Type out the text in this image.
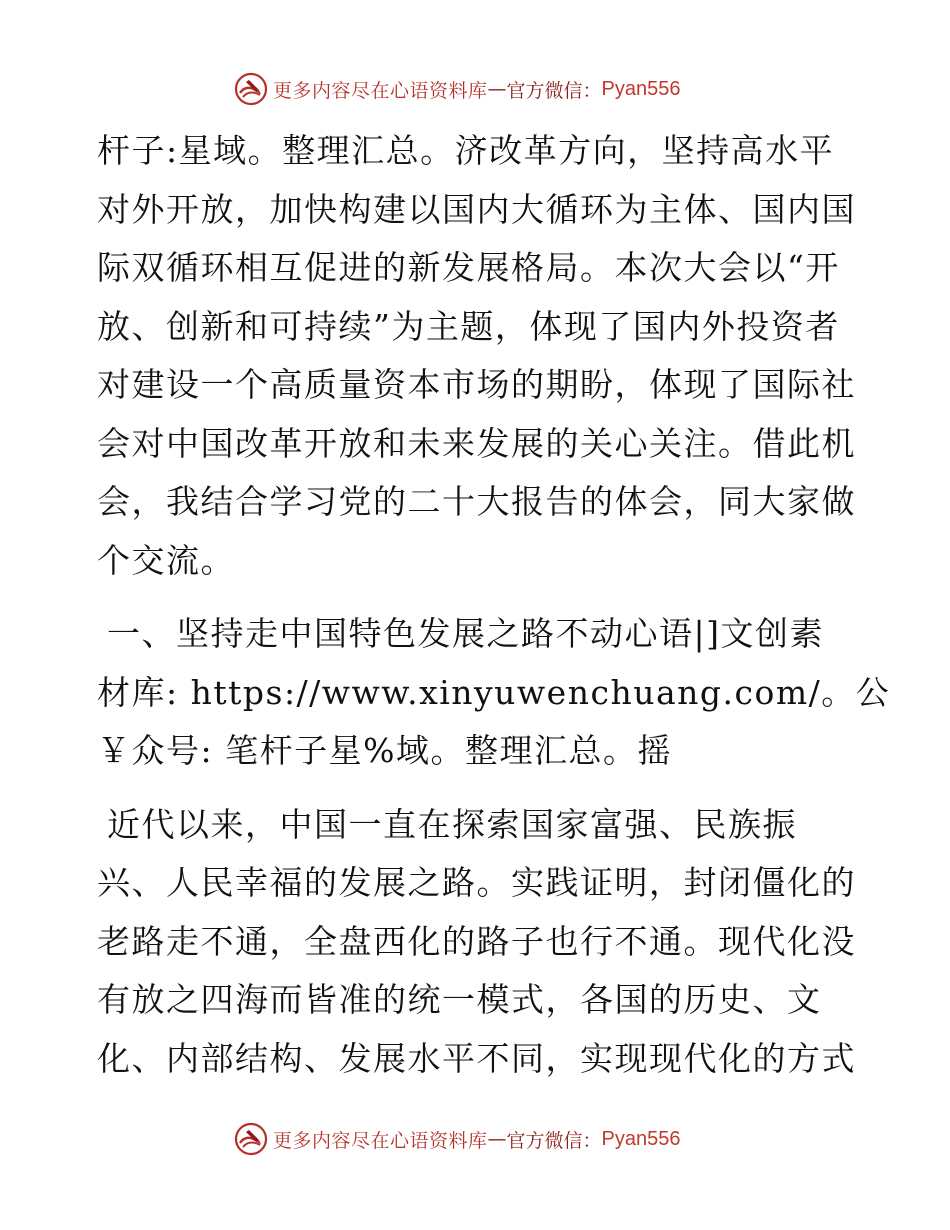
更多内容尽在心语资料库 — 官方微信： Pyan556
杆子:星域。整理汇总。济改革方向，坚持高水平
对外开放，加快构建以国内大循环为主体、国内国
际双循环相互促进的新发展格局。本次大会以“开
放、创新和可持续”为主题，体现了国内外投资者
对建设一个高质量资本市场的期盼，体现了国际社
会对中国改革开放和未来发展的关心关注。借此机
会，我结合学习党的二十大报告的体会，同大家做
个交流。
一、坚持走中国特色发展之路不动心语|]文创素
材库: https://www.xinyuwenchuang.com/。公
￥众号: 笔杆子星%域。整理汇总。摇
近代以来，中国一直在探索国家富强、民族振
兴、人民幸福的发展之路。实践证明，封闭僵化的
老路走不通，全盘西化的路子也行不通。现代化没
有放之四海而皆准的统一模式，各国的历史、文
化、内部结构、发展水平不同，实现现代化的方式
更多内容尽在心语资料库 — 官方微信： Pyan556
